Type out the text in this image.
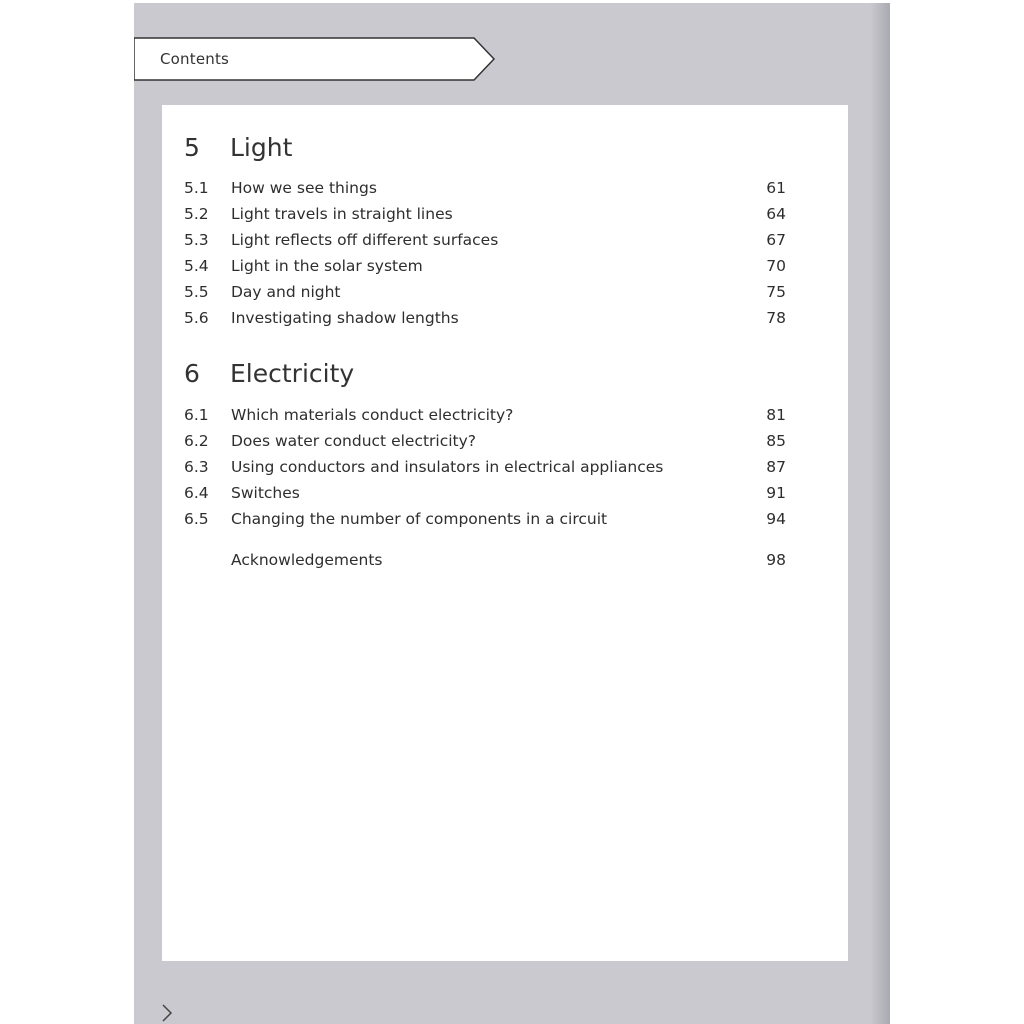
Contents
5 Light
5.1 How we see things	61
5.2 Light travels in straight lines	64
5.3 Light reflects off different surfaces	67
5.4 Light in the solar system	70
5.5 Day and night	75
5.6 Investigating shadow lengths	78
6 Electricity
6.1 Which materials conduct electricity?	81
6.2 Does water conduct electricity?	85
6.3 Using conductors and insulators in electrical appliances	87
6.4 Switches	91
6.5 Changing the number of components in a circuit	94
Acknowledgements	98
